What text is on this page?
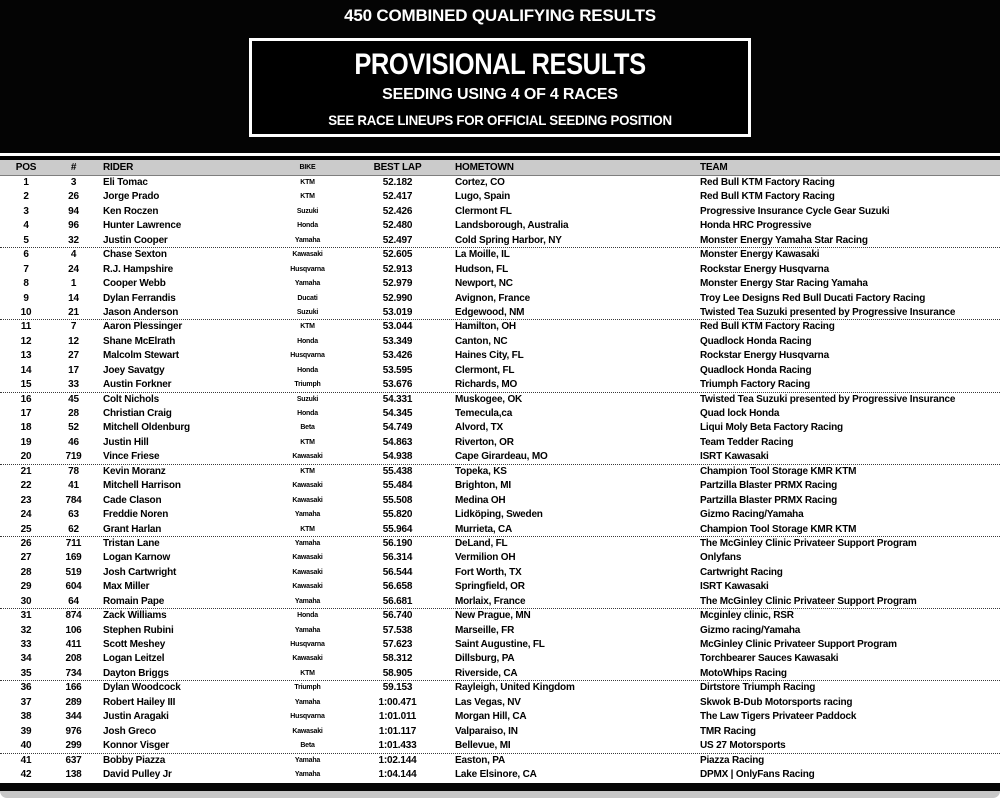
450 COMBINED QUALIFYING RESULTS
PROVISIONAL RESULTS
SEEDING USING 4 OF 4 RACES
SEE RACE LINEUPS FOR OFFICIAL SEEDING POSITION
POS	#	RIDER	BIKE	BEST LAP	HOMETOWN	TEAM
1	3	Eli Tomac	KTM	52.182	Cortez, CO	Red Bull KTM Factory Racing
2	26	Jorge Prado	KTM	52.417	Lugo, Spain	Red Bull KTM Factory Racing
3	94	Ken Roczen	Suzuki	52.426	Clermont FL	Progressive Insurance Cycle Gear Suzuki
4	96	Hunter Lawrence	Honda	52.480	Landsborough, Australia	Honda HRC Progressive
5	32	Justin Cooper	Yamaha	52.497	Cold Spring Harbor, NY	Monster Energy Yamaha Star Racing
6	4	Chase Sexton	Kawasaki	52.605	La Moille, IL	Monster Energy Kawasaki
7	24	R.J. Hampshire	Husqvarna	52.913	Hudson, FL	Rockstar Energy Husqvarna
8	1	Cooper Webb	Yamaha	52.979	Newport, NC	Monster Energy Star Racing Yamaha
9	14	Dylan Ferrandis	Ducati	52.990	Avignon, France	Troy Lee Designs Red Bull Ducati Factory Racing
10	21	Jason Anderson	Suzuki	53.019	Edgewood, NM	Twisted Tea Suzuki presented by Progressive Insurance
11	7	Aaron Plessinger	KTM	53.044	Hamilton, OH	Red Bull KTM Factory Racing
12	12	Shane McElrath	Honda	53.349	Canton, NC	Quadlock Honda Racing
13	27	Malcolm Stewart	Husqvarna	53.426	Haines City, FL	Rockstar Energy Husqvarna
14	17	Joey Savatgy	Honda	53.595	Clermont, FL	Quadlock Honda Racing
15	33	Austin Forkner	Triumph	53.676	Richards, MO	Triumph Factory Racing
16	45	Colt Nichols	Suzuki	54.331	Muskogee, OK	Twisted Tea Suzuki presented by Progressive Insurance
17	28	Christian Craig	Honda	54.345	Temecula,ca	Quad lock Honda
18	52	Mitchell Oldenburg	Beta	54.749	Alvord, TX	Liqui Moly Beta Factory Racing
19	46	Justin Hill	KTM	54.863	Riverton, OR	Team Tedder Racing
20	719	Vince Friese	Kawasaki	54.938	Cape Girardeau, MO	ISRT Kawasaki
21	78	Kevin Moranz	KTM	55.438	Topeka, KS	Champion Tool Storage KMR KTM
22	41	Mitchell Harrison	Kawasaki	55.484	Brighton, MI	Partzilla Blaster PRMX Racing
23	784	Cade Clason	Kawasaki	55.508	Medina OH	Partzilla Blaster PRMX Racing
24	63	Freddie Noren	Yamaha	55.820	Lidköping, Sweden	Gizmo Racing/Yamaha
25	62	Grant Harlan	KTM	55.964	Murrieta, CA	Champion Tool Storage KMR KTM
26	711	Tristan Lane	Yamaha	56.190	DeLand, FL	The McGinley Clinic Privateer Support Program
27	169	Logan Karnow	Kawasaki	56.314	Vermilion OH	Onlyfans
28	519	Josh Cartwright	Kawasaki	56.544	Fort Worth, TX	Cartwright Racing
29	604	Max Miller	Kawasaki	56.658	Springfield, OR	ISRT Kawasaki
30	64	Romain Pape	Yamaha	56.681	Morlaix, France	The McGinley Clinic Privateer Support Program
31	874	Zack Williams	Honda	56.740	New Prague, MN	Mcginley clinic, RSR
32	106	Stephen Rubini	Yamaha	57.538	Marseille, FR	Gizmo racing/Yamaha
33	411	Scott Meshey	Husqvarna	57.623	Saint Augustine, FL	McGinley Clinic Privateer Support Program
34	208	Logan Leitzel	Kawasaki	58.312	Dillsburg, PA	Torchbearer Sauces Kawasaki
35	734	Dayton Briggs	KTM	58.905	Riverside, CA	MotoWhips Racing
36	166	Dylan Woodcock	Triumph	59.153	Rayleigh, United Kingdom	Dirtstore Triumph Racing
37	289	Robert Hailey III	Yamaha	1:00.471	Las Vegas, NV	Skwok B-Dub Motorsports racing
38	344	Justin Aragaki	Husqvarna	1:01.011	Morgan Hill, CA	The Law Tigers Privateer Paddock
39	976	Josh Greco	Kawasaki	1:01.117	Valparaiso, IN	TMR Racing
40	299	Konnor Visger	Beta	1:01.433	Bellevue, MI	US 27 Motorsports
41	637	Bobby Piazza	Yamaha	1:02.144	Easton, PA	Piazza Racing
42	138	David Pulley Jr	Yamaha	1:04.144	Lake Elsinore, CA	DPMX | OnlyFans Racing
